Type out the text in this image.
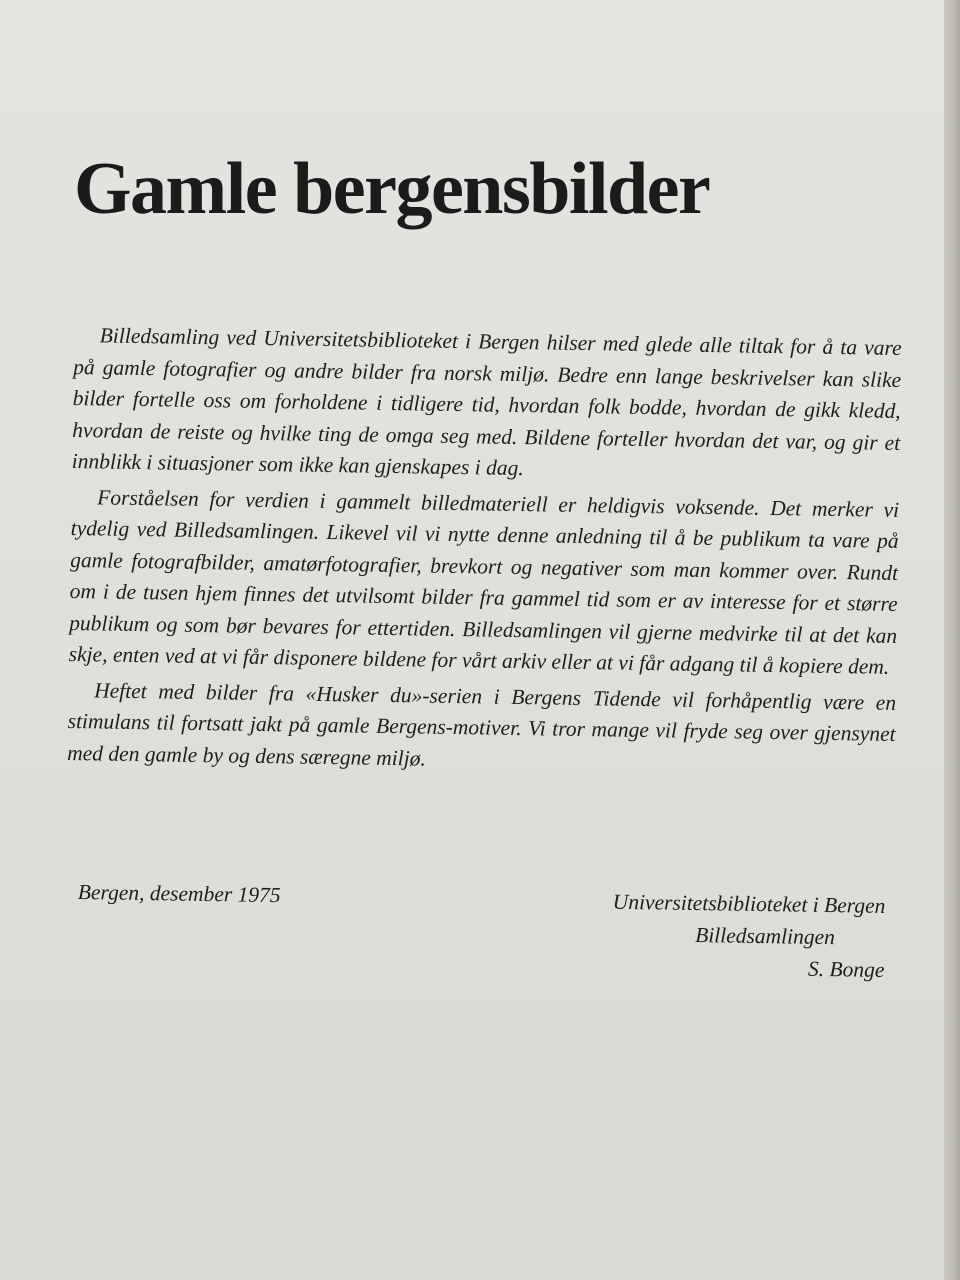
Gamle bergensbilder

Billedsamling ved Universitetsbiblioteket i Bergen hilser med glede alle tiltak for å ta vare på gamle fotografier og andre bilder fra norsk miljø. Bedre enn lange beskrivelser kan slike bilder fortelle oss om forholdene i tidligere tid, hvordan folk bodde, hvordan de gikk kledd, hvordan de reiste og hvilke ting de omga seg med. Bildene forteller hvordan det var, og gir et innblikk i situasjoner som ikke kan gjenskapes i dag.

Forståelsen for verdien i gammelt billedmateriell er heldigvis voksende. Det merker vi tydelig ved Billedsamlingen. Likevel vil vi nytte denne anledning til å be publikum ta vare på gamle fotografbilder, amatørfotografier, brevkort og negativer som man kommer over. Rundt om i de tusen hjem finnes det utvilsomt bilder fra gammel tid som er av interesse for et større publikum og som bør bevares for ettertiden. Billedsamlingen vil gjerne medvirke til at det kan skje, enten ved at vi får disponere bildene for vårt arkiv eller at vi får adgang til å kopiere dem.

Heftet med bilder fra «Husker du»-serien i Bergens Tidende vil forhåpentlig være en stimulans til fortsatt jakt på gamle Bergens-motiver. Vi tror mange vil fryde seg over gjensynet med den gamle by og dens særegne miljø.

Bergen, desember 1975	Universitetsbiblioteket i Bergen
Billedsamlingen
S. Bonge
